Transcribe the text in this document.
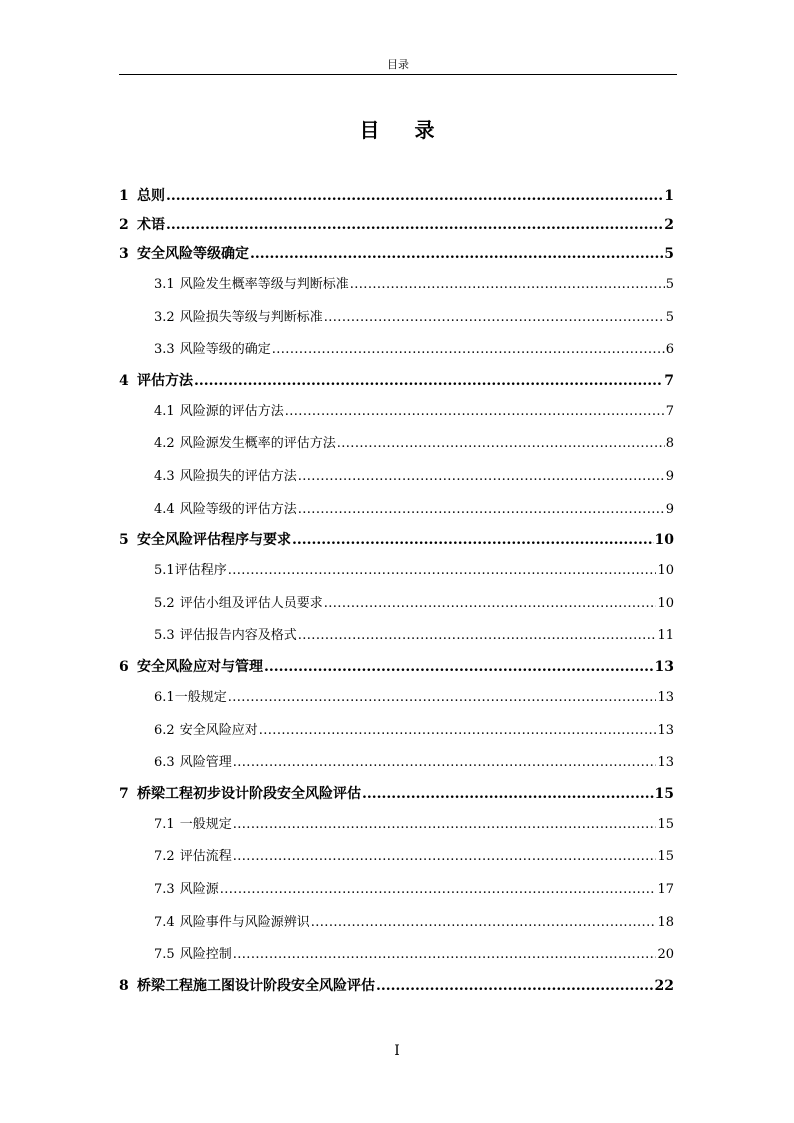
目录
目 录
1 总则 .....	1
2 术语 .....	2
3 安全风险等级确定 .....	5
3.1 风险发生概率等级与判断标准 .....	5
3.2 风险损失等级与判断标准 .....	5
3.3 风险等级的确定 .....	6
4 评估方法 .....	7
4.1 风险源的评估方法 .....	7
4.2 风险源发生概率的评估方法 .....	8
4.3 风险损失的评估方法 .....	9
4.4 风险等级的评估方法 .....	9
5 安全风险评估程序与要求 .....	10
5.1 评估程序 .....	10
5.2 评估小组及评估人员要求 .....	10
5.3 评估报告内容及格式 .....	11
6 安全风险应对与管理 .....	13
6.1 一般规定 .....	13
6.2 安全风险应对 .....	13
6.3 风险管理 .....	13
7 桥梁工程初步设计阶段安全风险评估 .....	15
7.1 一般规定 .....	15
7.2 评估流程 .....	15
7.3 风险源 .....	17
7.4 风险事件与风险源辨识 .....	18
7.5 风险控制 .....	20
8 桥梁工程施工图设计阶段安全风险评估 .....	22
I
